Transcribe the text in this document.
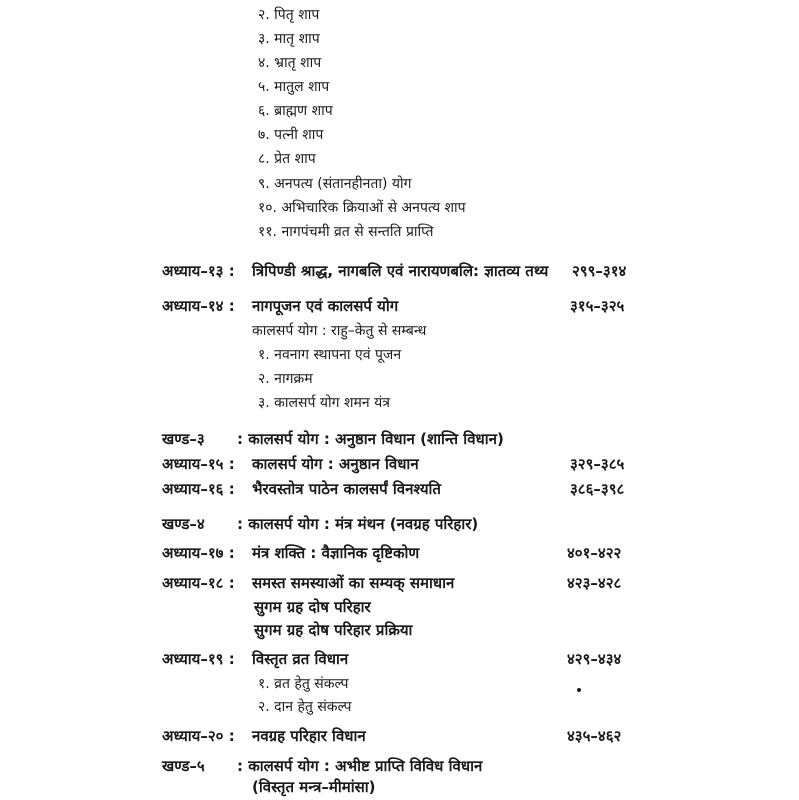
२. पितृ शाप
३. मातृ शाप
४. भ्रातृ शाप
५. मातुल शाप
६. ब्राह्मण शाप
७. पत्नी शाप
८. प्रेत शाप
९. अनपत्य (संतानहीनता) योग
१०. अभिचारिक क्रियाओं से अनपत्य शाप
११. नागपंचमी व्रत से सन्तति प्राप्ति
अध्याय–१३ : त्रिपिण्डी श्राद्ध, नागबलि एवं नारायणबलि: ज्ञातव्य तथ्य २९९–३१४
अध्याय–१४ : नागपूजन एवं कालसर्प योग	३१५–३२५
कालसर्प योग : राहु–केतु से सम्बन्ध
१. नवनाग स्थापना एवं पूजन
२. नागक्रम
३. कालसर्प योग शमन यंत्र
खण्ड–३ : कालसर्प योग : अनुष्ठान विधान (शान्ति विधान)
अध्याय–१५ : कालसर्प योग : अनुष्ठान विधान	३२९–३८५
अध्याय–१६ : भैरवस्तोत्र पाठेन कालसर्पं विनश्यति	३८६–३९८
खण्ड–४ : कालसर्प योग : मंत्र मंथन (नवग्रह परिहार)
अध्याय–१७ : मंत्र शक्ति : वैज्ञानिक दृष्टिकोण	४०१–४२२
अध्याय–१८ : समस्त समस्याओं का सम्यक् समाधान	४२३–४२८
सुगम ग्रह दोष परिहार
सुगम ग्रह दोष परिहार प्रक्रिया
अध्याय–१९ : विस्तृत व्रत विधान	४२९–४३४
१. व्रत हेतु संकल्प
२. दान हेतु संकल्प
अध्याय–२० : नवग्रह परिहार विधान	४३५–४६२
खण्ड–५ : कालसर्प योग : अभीष्ट प्राप्ति विविध विधान
(विस्तृत मन्त्र–मीमांसा)
